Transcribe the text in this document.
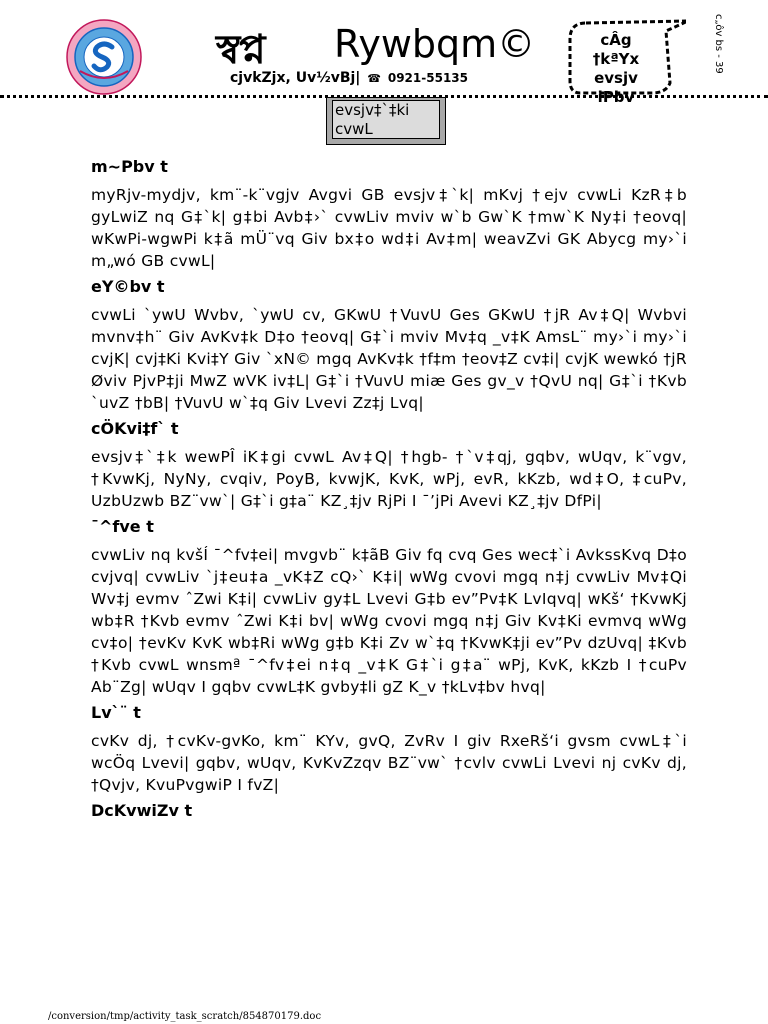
স্বপ্ন Rywbqm©
cjvkZjx, Uv½vBj| ☎ 0921-55135
cÂg
†kªYx
evsjv
iPbv
c„ôv bs - 39
evsjv‡`‡ki
cvwL

m~Pbv t

myRjv-mydjv, km¨-k¨vgjv Avgvi GB evsjv‡`k| mKvj †ejv cvwLi KzR‡b gyLwiZ nq G‡`k| g‡bi Avb‡›` cvwLiv mviv w`b Gw`K †mw`K Ny‡i †eovq| wKwPi-wgwPi k‡ã mÜ¨vq Giv bx‡o wd‡i Av‡m| weavZvi GK Abycg my›`i m„wó GB cvwL|

eY©bv t

cvwLi `ywU Wvbv, `ywU cv, GKwU †VuvU Ges GKwU †jR Av‡Q| Wvbvi mvnv‡h¨ Giv AvKv‡k D‡o †eovq| G‡`i mviv Mv‡q _v‡K AmsL¨ my›`i my›`i cvjK| cvj‡Ki Kvi‡Y Giv `xN© mgq AvKv‡k †f‡m †eov‡Z cv‡i| cvjK wewkó †jR Øviv PjvP‡ji MwZ wVK iv‡L| G‡`i †VuvU miæ Ges gv_v †QvU nq| G‡`i †Kvb `uvZ †bB| †VuvU w`‡q Giv Lvevi Zz‡j Lvq|

cÖKvi‡f` t

evsjv‡`‡k wewPÎ iK‡gi cvwL Av‡Q| †hgb- †`v‡qj, gqbv, wUqv, k¨vgv, †KvwKj, NyNy, cvqiv, PoyB, kvwjK, KvK, wPj, evR, kKzb, wd‡O, ‡cuPv, UzbUzwb BZ¨vw`| G‡`i g‡a¨ KZ¸‡jv RjPi I ¯’jPi Avevi KZ¸‡jv DfPi|

¯^fve t

cvwLiv nq kvšÍ ¯^fv‡ei| mvgvb¨ k‡ãB Giv fq cvq Ges wec‡`i AvkssKvq D‡o cvjvq| cvwLiv `j‡eu‡a _vK‡Z cQ›` K‡i| wWg cvovi mgq n‡j cvwLiv Mv‡Qi Wv‡j evmv ˆZwi K‡i| cvwLiv gy‡L Lvevi G‡b ev”Pv‡K LvIqvq| wKš‘ †KvwKj wb‡R †Kvb evmv ˆZwi K‡i bv| wWg cvovi mgq n‡j Giv Kv‡Ki evmvq wWg cv‡o| †evKv KvK wb‡Ri wWg g‡b K‡i Zv w`‡q †KvwK‡ji ev”Pv dzUvq| ‡Kvb †Kvb cvwL wnsmª ¯^fv‡ei n‡q _v‡K G‡`i g‡a¨ wPj, KvK, kKzb I †cuPv Ab¨Zg| wUqv I gqbv cvwL‡K gvby‡li gZ K_v †kLv‡bv hvq|

Lv`¨ t

cvKv dj, †cvKv-gvKo, km¨ KYv, gvQ, ZvRv I giv RxeRš‘i gvsm cvwL‡`i wcÖq Lvevi| gqbv, wUqv, KvKvZzqv BZ¨vw` †cvlv cvwLi Lvevi nj cvKv dj, †Qvjv, KvuPvgwiP I fvZ|

DcKvwiZv t

/conversion/tmp/activity_task_scratch/854870179.doc
